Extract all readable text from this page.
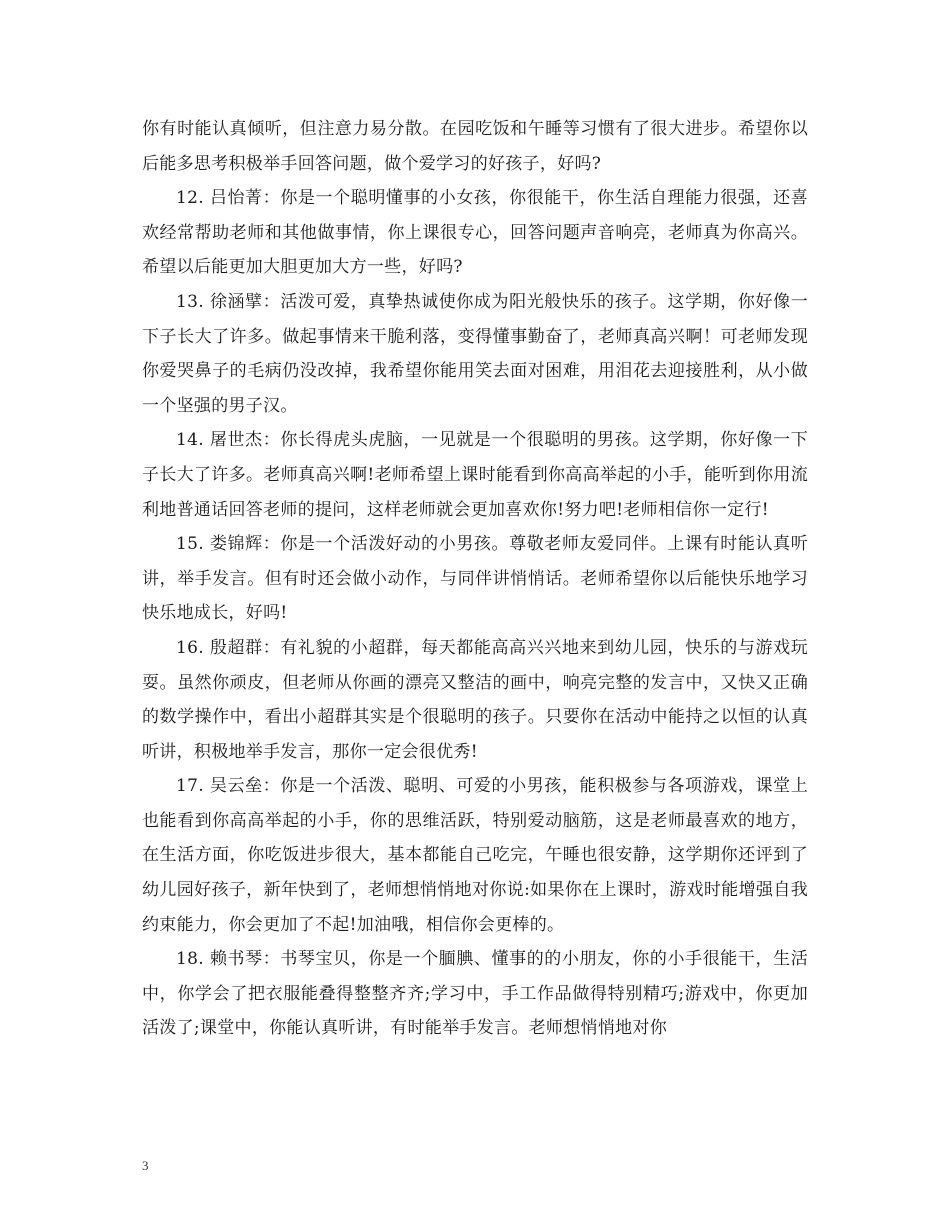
你有时能认真倾听，但注意力易分散。在园吃饭和午睡等习惯有了很大进步。希望你以后能多思考积极举手回答问题，做个爱学习的好孩子，好吗?

12. 吕怡菁：你是一个聪明懂事的小女孩，你很能干，你生活自理能力很强，还喜欢经常帮助老师和其他做事情，你上课很专心，回答问题声音响亮，老师真为你高兴。希望以后能更加大胆更加大方一些，好吗?

13. 徐涵擘：活泼可爱，真挚热诚使你成为阳光般快乐的孩子。这学期，你好像一下子长大了许多。做起事情来干脆利落，变得懂事勤奋了，老师真高兴啊！可老师发现你爱哭鼻子的毛病仍没改掉，我希望你能用笑去面对困难，用泪花去迎接胜利，从小做一个坚强的男子汉。

14. 屠世杰：你长得虎头虎脑，一见就是一个很聪明的男孩。这学期，你好像一下子长大了许多。老师真高兴啊!老师希望上课时能看到你高高举起的小手，能听到你用流利地普通话回答老师的提问，这样老师就会更加喜欢你!努力吧!老师相信你一定行!

15. 娄锦辉：你是一个活泼好动的小男孩。尊敬老师友爱同伴。上课有时能认真听讲，举手发言。但有时还会做小动作，与同伴讲悄悄话。老师希望你以后能快乐地学习快乐地成长，好吗!

16. 殷超群：有礼貌的小超群，每天都能高高兴兴地来到幼儿园，快乐的与游戏玩耍。虽然你顽皮，但老师从你画的漂亮又整洁的画中，响亮完整的发言中，又快又正确的数学操作中，看出小超群其实是个很聪明的孩子。只要你在活动中能持之以恒的认真听讲，积极地举手发言，那你一定会很优秀!

17. 吴云垒：你是一个活泼、聪明、可爱的小男孩，能积极参与各项游戏，课堂上也能看到你高高举起的小手，你的思维活跃，特别爱动脑筋，这是老师最喜欢的地方，在生活方面，你吃饭进步很大，基本都能自己吃完，午睡也很安静，这学期你还评到了幼儿园好孩子，新年快到了，老师想悄悄地对你说:如果你在上课时，游戏时能增强自我约束能力，你会更加了不起!加油哦，相信你会更棒的。

18. 赖书琴：书琴宝贝，你是一个腼腆、懂事的的小朋友，你的小手很能干，生活中，你学会了把衣服能叠得整整齐齐;学习中，手工作品做得特别精巧;游戏中，你更加活泼了;课堂中，你能认真听讲，有时能举手发言。老师想悄悄地对你

3
